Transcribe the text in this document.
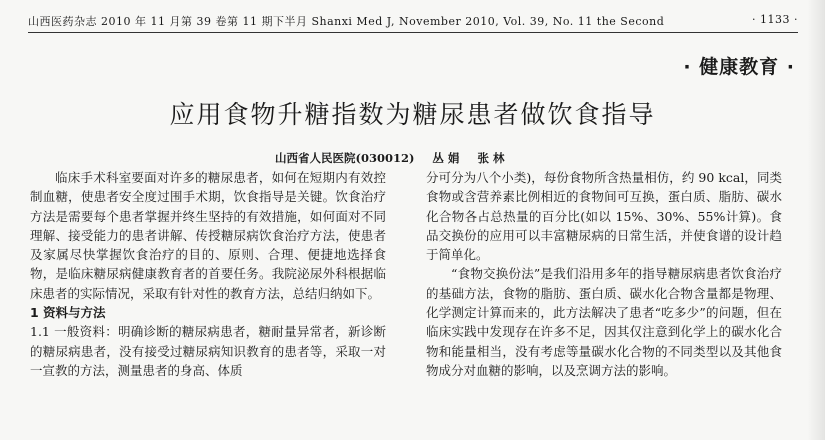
山西医药杂志 2010 年 11 月第 39 卷第 11 期下半月 Shanxi Med J, November 2010, Vol. 39, No. 11 the Second	· 1133 ·
· 健康教育 ·
应用食物升糖指数为糖尿患者做饮食指导
山西省人民医院(030012) 丛 娟 张 林

临床手术科室要面对许多的糖尿患者，如何在短期内有效控制血糖，使患者安全度过围手术期，饮食指导是关键。饮食治疗方法是需要每个患者掌握并终生坚持的有效措施，如何面对不同理解、接受能力的患者讲解、传授糖尿病饮食治疗方法，使患者及家属尽快掌握饮食治疗的目的、原则、合理、便捷地选择食物，是临床糖尿病健康教育者的首要任务。我院泌尿外科根据临床患者的实际情况，采取有针对性的教育方法，总结归纳如下。

1 资料与方法

1.1 一般资料：明确诊断的糖尿病患者，糖耐量异常者，新诊断的糖尿病患者，没有接受过糖尿病知识教育的患者等，采取一对一宣教的方法，测量患者的身高、体质

分可分为八个小类)，每份食物所含热量相仿，约 90 kcal，同类食物或含营养素比例相近的食物间可互换，蛋白质、脂肪、碳水化合物各占总热量的百分比(如以 15%、30%、55%计算)。食品交换份的应用可以丰富糖尿病的日常生活，并使食谱的设计趋于简单化。

“食物交换份法”是我们沿用多年的指导糖尿病患者饮食治疗的基础方法，食物的脂肪、蛋白质、碳水化合物含量都是物理、化学测定计算而来的，此方法解决了患者“吃多少”的问题，但在临床实践中发现存在许多不足，因其仅注意到化学上的碳水化合物和能量相当，没有考虑等量碳水化合物的不同类型以及其他食物成分对血糖的影响，以及烹调方法的影响。
